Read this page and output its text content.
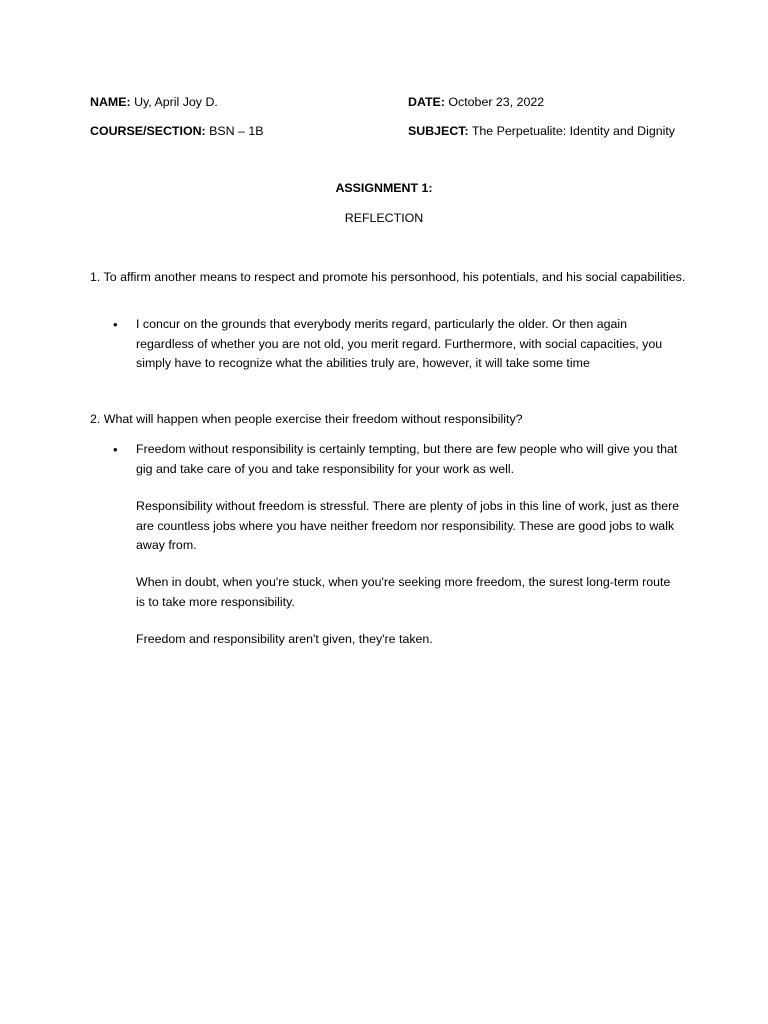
NAME: Uy, April Joy D.	DATE: October 23, 2022
COURSE/SECTION: BSN – 1B	SUBJECT: The Perpetualite: Identity and Dignity
ASSIGNMENT 1:
REFLECTION
1. To affirm another means to respect and promote his personhood, his potentials, and his social capabilities.
• I concur on the grounds that everybody merits regard, particularly the older. Or then again regardless of whether you are not old, you merit regard. Furthermore, with social capacities, you simply have to recognize what the abilities truly are, however, it will take some time
2. What will happen when people exercise their freedom without responsibility?
• Freedom without responsibility is certainly tempting, but there are few people who will give you that gig and take care of you and take responsibility for your work as well.
Responsibility without freedom is stressful. There are plenty of jobs in this line of work, just as there are countless jobs where you have neither freedom nor responsibility. These are good jobs to walk away from.
When in doubt, when you're stuck, when you're seeking more freedom, the surest long-term route is to take more responsibility.
Freedom and responsibility aren't given, they're taken.
